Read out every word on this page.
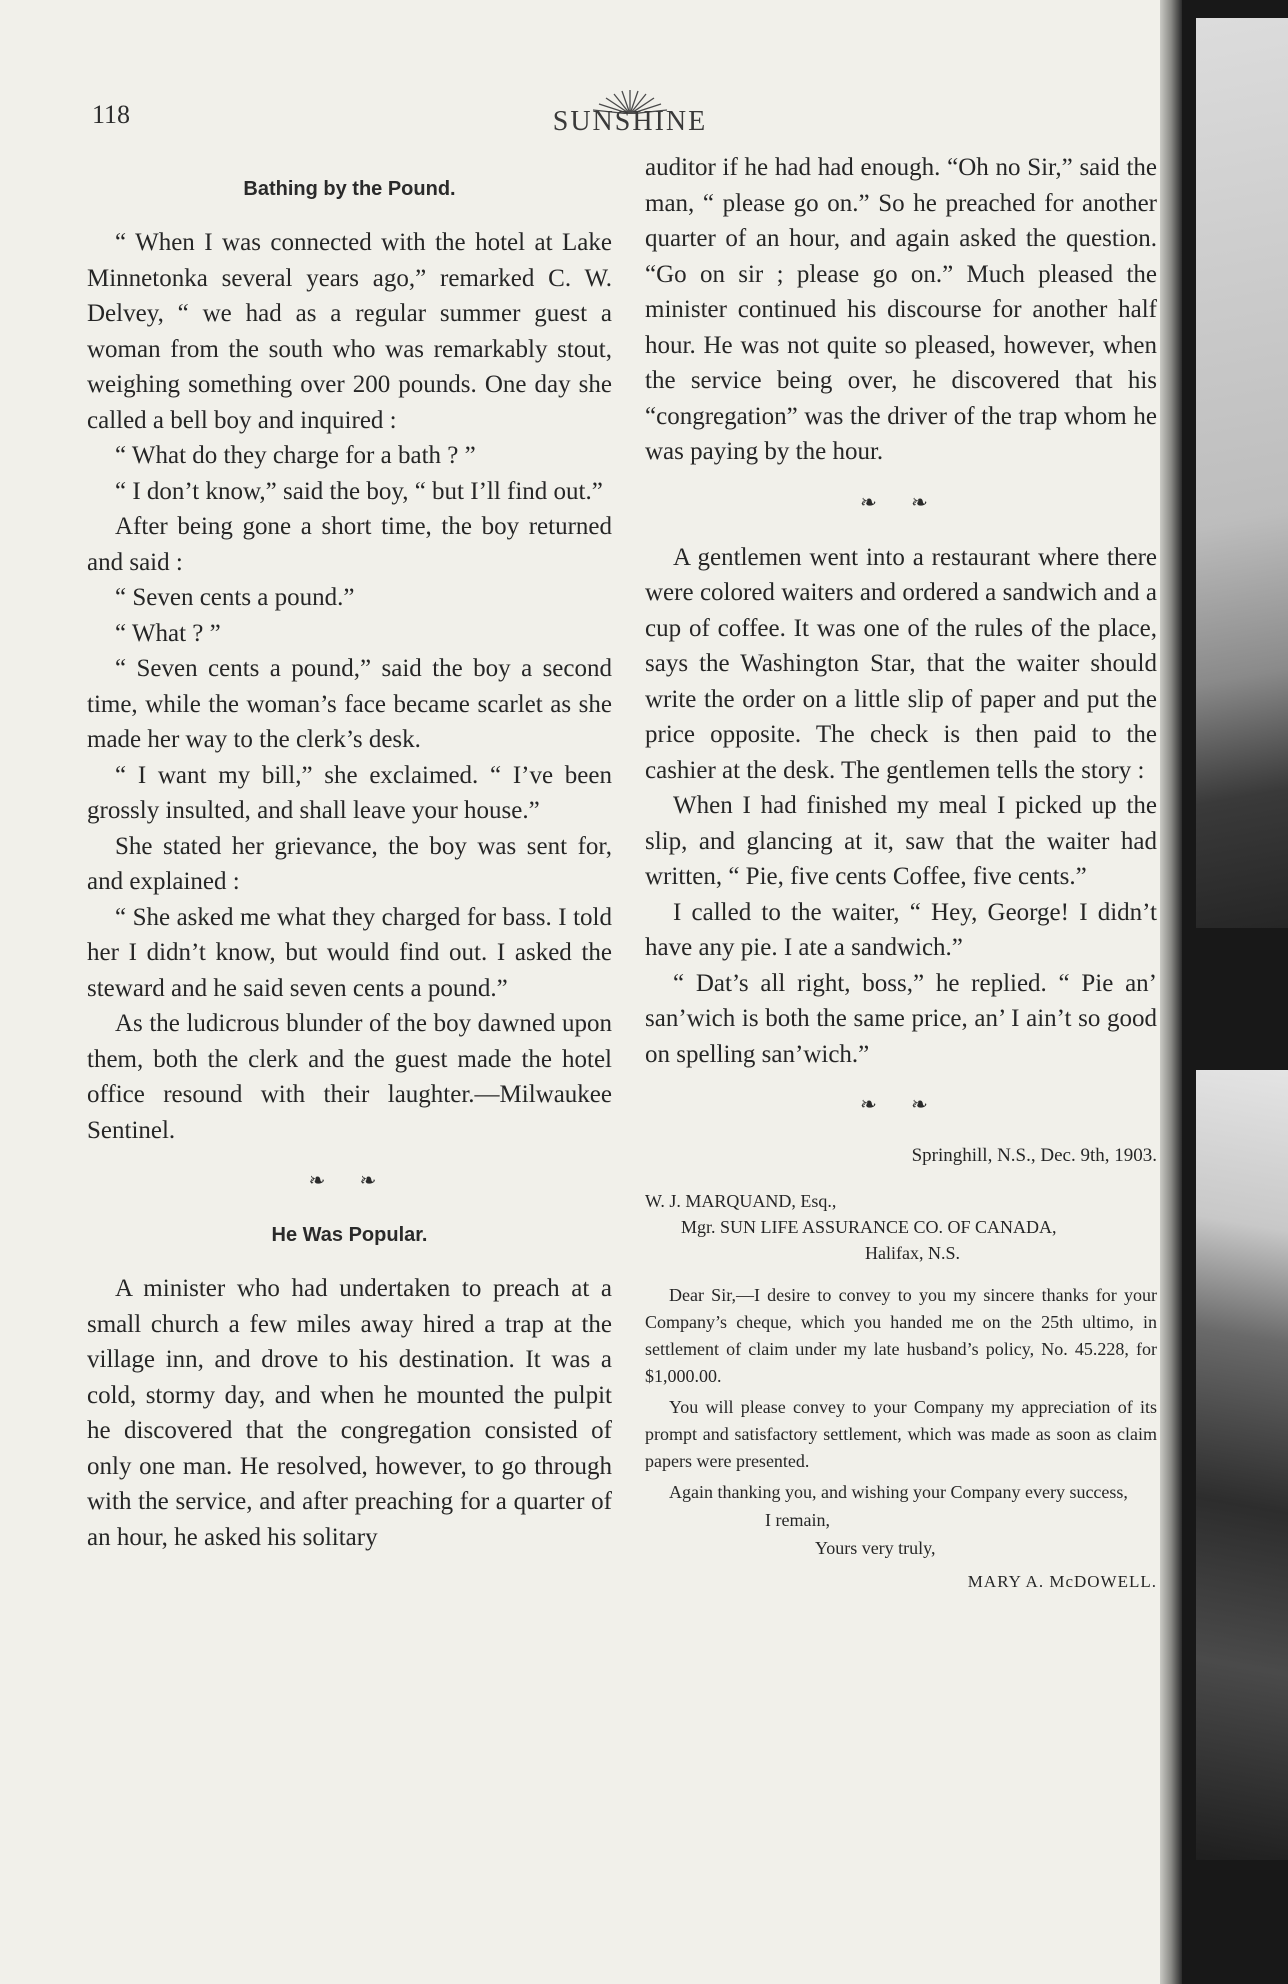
118	SUNSHINE
Bathing by the Pound.

“ When I was connected with the hotel at Lake Minnetonka several years ago,” remarked C. W. Delvey, “ we had as a regular summer guest a woman from the south who was remarkably stout, weighing something over 200 pounds. One day she called a bell boy and inquired :

“ What do they charge for a bath ? ”

“ I don’t know,” said the boy, “ but I’ll find out.”

After being gone a short time, the boy returned and said :

“ Seven cents a pound.”

“ What ? ”

“ Seven cents a pound,” said the boy a second time, while the woman’s face became scarlet as she made her way to the clerk’s desk.

“ I want my bill,” she exclaimed. “ I’ve been grossly insulted, and shall leave your house.”

She stated her grievance, the boy was sent for, and explained :

“ She asked me what they charged for bass. I told her I didn’t know, but would find out. I asked the steward and he said seven cents a pound.”

As the ludicrous blunder of the boy dawned upon them, both the clerk and the guest made the hotel office resound with their laughter.—Milwaukee Sentinel.

❧ ❧
He Was Popular.

A minister who had undertaken to preach at a small church a few miles away hired a trap at the village inn, and drove to his destination. It was a cold, stormy day, and when he mounted the pulpit he discovered that the congregation consisted of only one man. He resolved, however, to go through with the service, and after preaching for a quarter of an hour, he asked his solitary

auditor if he had had enough. “Oh no Sir,” said the man, “ please go on.” So he preached for another quarter of an hour, and again asked the question. “Go on sir ; please go on.” Much pleased the minister continued his discourse for another half hour. He was not quite so pleased, however, when the service being over, he discovered that his “congregation” was the driver of the trap whom he was paying by the hour.

❧ ❧

A gentlemen went into a restaurant where there were colored waiters and ordered a sandwich and a cup of coffee. It was one of the rules of the place, says the Washington Star, that the waiter should write the order on a little slip of paper and put the price opposite. The check is then paid to the cashier at the desk. The gentlemen tells the story :

When I had finished my meal I picked up the slip, and glancing at it, saw that the waiter had written, “ Pie, five cents Coffee, five cents.”

I called to the waiter, “ Hey, George! I didn’t have any pie. I ate a sandwich.”

“ Dat’s all right, boss,” he replied. “ Pie an’ san’wich is both the same price, an’ I ain’t so good on spelling san’wich.”

❧ ❧

Springhill, N.S., Dec. 9th, 1903.

W. J. MARQUAND, Esq.,

Mgr. SUN LIFE ASSURANCE CO. OF CANADA,

Halifax, N.S.

Dear Sir,—I desire to convey to you my sincere thanks for your Company’s cheque, which you handed me on the 25th ultimo, in settlement of claim under my late husband’s policy, No. 45.228, for $1,000.00.

You will please convey to your Company my appreciation of its prompt and satisfactory settlement, which was made as soon as claim papers were presented.

Again thanking you, and wishing your Company every success,

I remain,

Yours very truly,

MARY A. McDOWELL.
